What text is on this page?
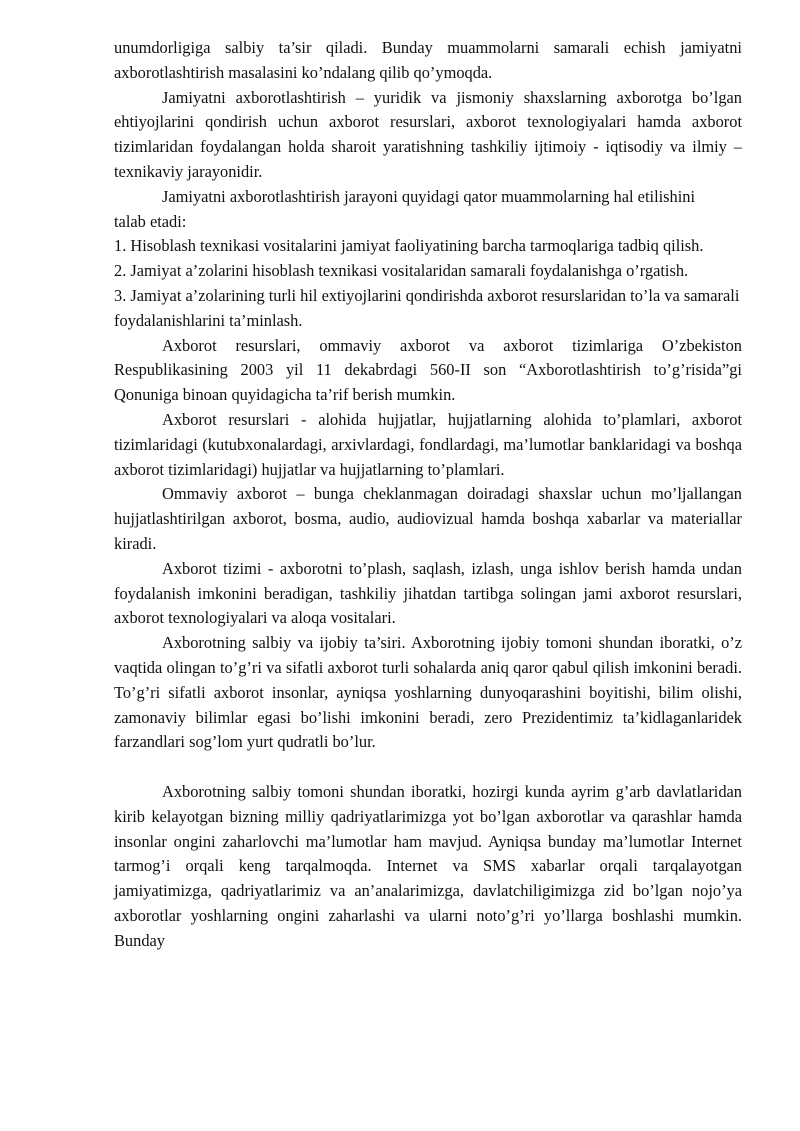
unumdorligiga salbiy ta’sir qiladi. Bunday muammolarni samarali echish jamiyatni axborotlashtirish masalasini ko’ndalang qilib qo’ymoqda.

Jamiyatni axborotlashtirish – yuridik va jismoniy shaxslarning axborotga bo’lgan ehtiyojlarini qondirish uchun axborot resurslari, axborot texnologiyalari hamda axborot tizimlaridan foydalangan holda sharoit yaratishning tashkiliy ijtimoiy - iqtisodiy va ilmiy – texnikaviy jarayonidir.

Jamiyatni axborotlashtirish jarayoni quyidagi qator muammolarning hal etilishini talab etadi:

1. Hisoblash texnikasi vositalarini jamiyat faoliyatining barcha tarmoqlariga tadbiq qilish.

2. Jamiyat a’zolarini hisoblash texnikasi vositalaridan samarali foydalanishga o’rgatish.

3. Jamiyat a’zolarining turli hil extiyojlarini qondirishda axborot resurslaridan to’la va samarali foydalanishlarini ta’minlash.

Axborot resurslari, ommaviy axborot va axborot tizimlariga O’zbekiston Respublikasining 2003 yil 11 dekabrdagi 560-II son “Axborotlashtirish to’g’risida”gi Qonuniga binoan quyidagicha ta’rif berish mumkin.

Axborot resurslari - alohida hujjatlar, hujjatlarning alohida to’plamlari, axborot tizimlaridagi (kutubxonalardagi, arxivlardagi, fondlardagi, ma’lumotlar banklaridagi va boshqa axborot tizimlaridagi) hujjatlar va hujjatlarning to’plamlari.

Ommaviy axborot – bunga cheklanmagan doiradagi shaxslar uchun mo’ljallangan hujjatlashtirilgan axborot, bosma, audio, audiovizual hamda boshqa xabarlar va materiallar kiradi.

Axborot tizimi - axborotni to’plash, saqlash, izlash, unga ishlov berish hamda undan foydalanish imkonini beradigan, tashkiliy jihatdan tartibga solingan jami axborot resurslari, axborot texnologiyalari va aloqa vositalari.

Axborotning salbiy va ijobiy ta’siri. Axborotning ijobiy tomoni shundan iboratki, o’z vaqtida olingan to’g’ri va sifatli axborot turli sohalarda aniq qaror qabul qilish imkonini beradi. To’g’ri sifatli axborot insonlar, ayniqsa yoshlarning dunyoqarashini boyitishi, bilim olishi, zamonaviy bilimlar egasi bo’lishi imkonini beradi, zero Prezidentimiz ta’kidlaganlaridek farzandlari sog’lom yurt qudratli bo’lur.

Axborotning salbiy tomoni shundan iboratki, hozirgi kunda ayrim g’arb davlatlaridan kirib kelayotgan bizning milliy qadriyatlarimizga yot bo’lgan axborotlar va qarashlar hamda insonlar ongini zaharlovchi ma’lumotlar ham mavjud. Ayniqsa bunday ma’lumotlar Internet tarmog’i orqali keng tarqalmoqda. Internet va SMS xabarlar orqali tarqalayotgan jamiyatimizga, qadriyatlarimiz va an’analarimizga, davlatchiligimizga zid bo’lgan nojo’ya axborotlar yoshlarning ongini zaharlashi va ularni noto’g’ri yo’llarga boshlashi mumkin. Bunday
